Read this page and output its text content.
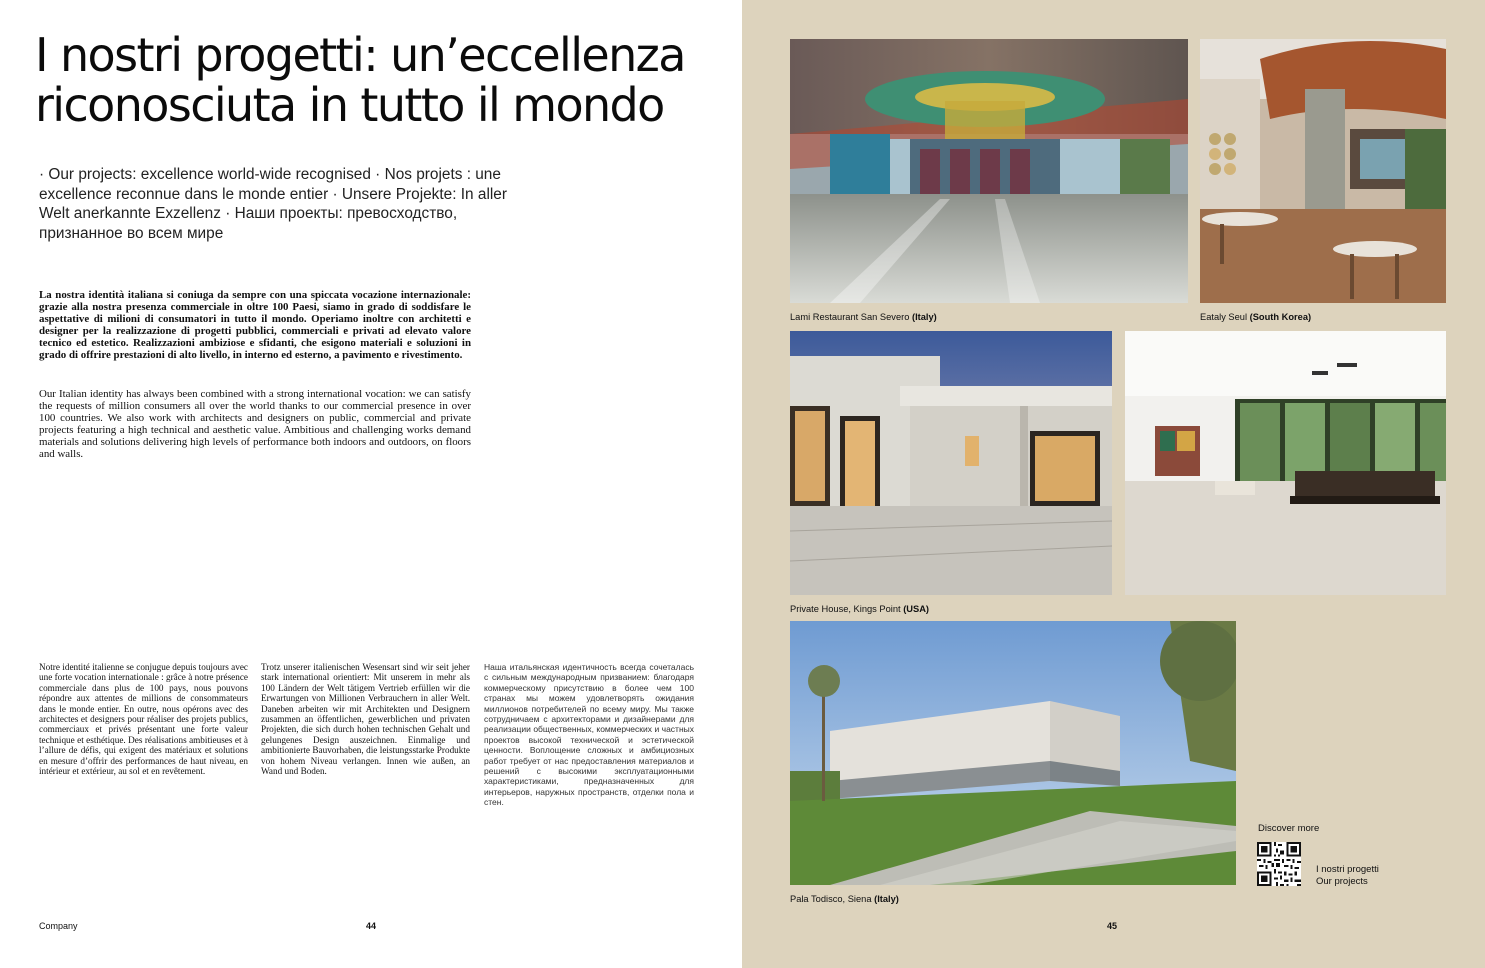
I nostri progetti: un’eccellenza riconosciuta in tutto il mondo

· Our projects: excellence world-wide recognised · Nos projets : une excellence reconnue dans le monde entier · Unsere Projekte: In aller Welt anerkannte Exzellenz · Наши проекты: превосходство, признанное во всем мире

La nostra identità italiana si coniuga da sempre con una spiccata vocazione internazionale: grazie alla nostra presenza commerciale in oltre 100 Paesi, siamo in grado di soddisfare le aspettative di milioni di consumatori in tutto il mondo. Operiamo inoltre con architetti e designer per la realizzazione di progetti pubblici, commerciali e privati ad elevato valore tecnico ed estetico. Realizzazioni ambiziose e sfidanti, che esigono materiali e soluzioni in grado di offrire prestazioni di alto livello, in interno ed esterno, a pavimento e rivestimento.

Our Italian identity has always been combined with a strong international vocation: we can satisfy the requests of million consumers all over the world thanks to our commercial presence in over 100 countries. We also work with architects and designers on public, commercial and private projects featuring a high technical and aesthetic value. Ambitious and challenging works demand materials and solutions delivering high levels of performance both indoors and outdoors, on floors and walls.

Notre identité italienne se conjugue depuis toujours avec une forte vocation internationale : grâce à notre présence commerciale dans plus de 100 pays, nous pouvons répondre aux attentes de millions de consommateurs dans le monde entier. En outre, nous opérons avec des architectes et designers pour réaliser des projets publics, commerciaux et privés présentant une forte valeur technique et esthétique. Des réalisations ambitieuses et à l’allure de défis, qui exigent des matériaux et solutions en mesure d’offrir des performances de haut niveau, en intérieur et extérieur, au sol et en revêtement.

Trotz unserer italienischen Wesensart sind wir seit jeher stark international orientiert: Mit unserem in mehr als 100 Ländern der Welt tätigem Vertrieb erfüllen wir die Erwartungen von Millionen Verbrauchern in aller Welt. Daneben arbeiten wir mit Architekten und Designern zusammen an öffentlichen, gewerblichen und privaten Projekten, die sich durch hohen technischen Gehalt und gelungenes Design auszeichnen. Einmalige und ambitionierte Bauvorhaben, die leistungsstarke Produkte von hohem Niveau verlangen. Innen wie außen, an Wand und Boden.

Наша итальянская идентичность всегда сочеталась с сильным международным призванием: благодаря коммерческому присутствию в более чем 100 странах мы можем удовлетворять ожидания миллионов потребителей по всему миру. Мы также сотрудничаем с архитекторами и дизайнерами для реализации общественных, коммерческих и частных проектов высокой технической и эстетической ценности. Воплощение сложных и амбициозных работ требует от нас предоставления материалов и решений с высокими эксплуатационными характеристиками, предназначенных для интерьеров, наружных пространств, отделки пола и стен.

Company	44
Lami Restaurant San Severo (Italy)	Eataly Seul (South Korea)
Private House, Kings Point (USA)
Pala Todisco, Siena (Italy)
Discover more
I nostri progetti
Our projects
45
